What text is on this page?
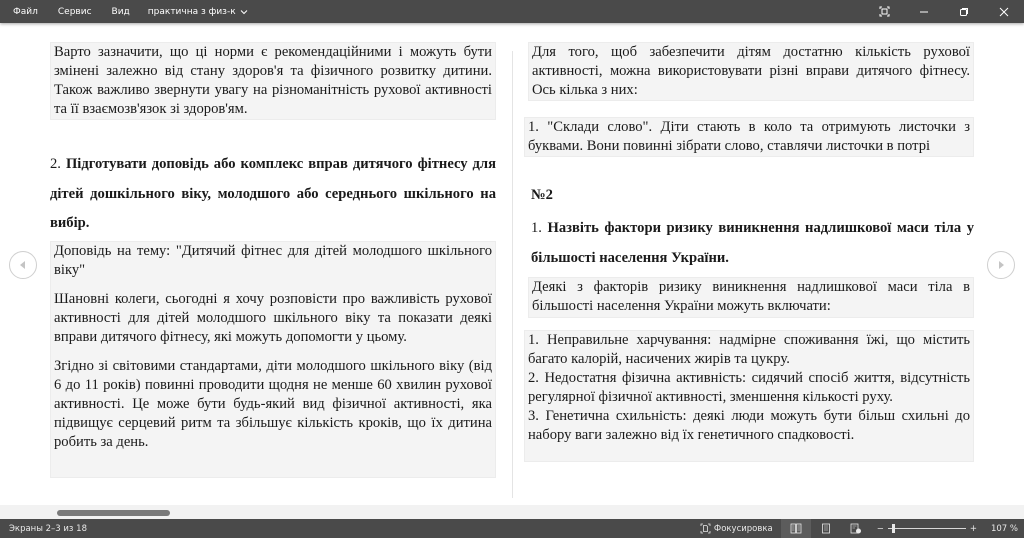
Файл	Сервис	Вид	практична з физ-к

Варто зазначити, що ці норми є рекомендаційними і можуть бути змінені залежно від стану здоров'я та фізичного розвитку дитини. Також важливо звернути увагу на різноманітність рухової активності та її взаємозв'язок зі здоров'ям.

2. Підготувати доповідь або комплекс вправ дитячого фітнесу для дітей дошкільного віку, молодшого або середнього шкільного на вибір.

Доповідь на тему: "Дитячий фітнес для дітей молодшого шкільного віку"

Шановні колеги, сьогодні я хочу розповісти про важливість рухової активності для дітей молодшого шкільного віку та показати деякі вправи дитячого фітнесу, які можуть допомогти у цьому.

Згідно зі світовими стандартами, діти молодшого шкільного віку (від 6 до 11 років) повинні проводити щодня не менше 60 хвилин рухової активності. Це може бути будь-який вид фізичної активності, яка підвищує серцевий ритм та збільшує кількість кроків, що їх дитина робить за день.

Для того, щоб забезпечити дітям достатню кількість рухової активності, можна використовувати різні вправи дитячого фітнесу. Ось кілька з них:

1. "Склади слово". Діти стають в коло та отримують листочки з буквами. Вони повинні зібрати слово, ставлячи листочки в потрі

№2
1. Назвіть фактори ризику виникнення надлишкової маси тіла у більшості населення України.

Деякі з факторів ризику виникнення надлишкової маси тіла в більшості населення України можуть включати:

1. Неправильне харчування: надмірне споживання їжі, що містить багато калорій, насичених жирів та цукру.

2. Недостатня фізична активність: сидячий спосіб життя, відсутність регулярної фізичної активності, зменшення кількості руху.

3. Генетична схильність: деякі люди можуть бути більш схильні до набору ваги залежно від їх генетичного спадковості.

Экраны 2–3 из 18	Фокусировка	−	+	107 %
